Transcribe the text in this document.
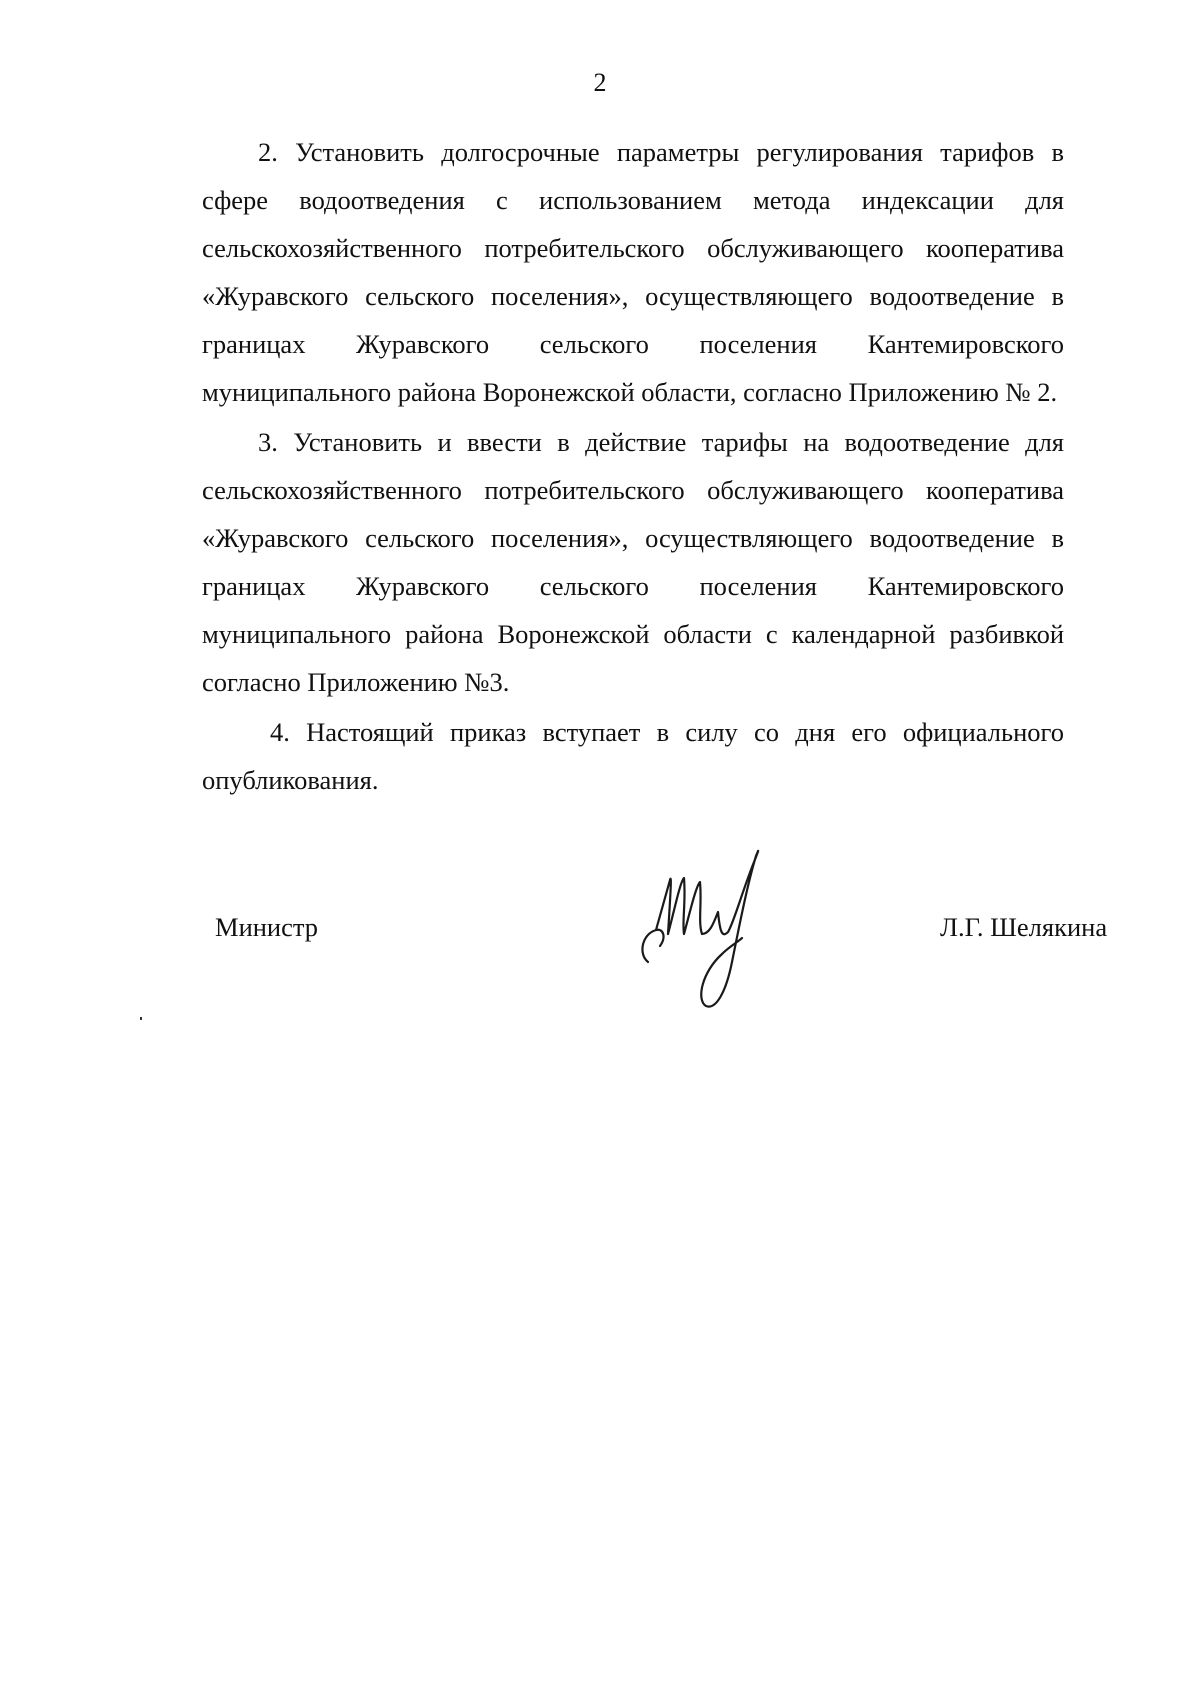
2

2. Установить долгосрочные параметры регулирования тарифов в сфере водоотведения с использованием метода индексации для сельскохозяйственного потребительского обслуживающего кооператива «Журавского сельского поселения», осуществляющего водоотведение в границах Журавского сельского поселения Кантемировского муниципального района Воронежской области, согласно Приложению № 2.

3. Установить и ввести в действие тарифы на водоотведение для сельскохозяйственного потребительского обслуживающего кооператива «Журавского сельского поселения», осуществляющего водоотведение в границах Журавского сельского поселения Кантемировского муниципального района Воронежской области с календарной разбивкой согласно Приложению №3.

4. Настоящий приказ вступает в силу со дня его официального опубликования.

Министр	Л.Г. Шелякина
